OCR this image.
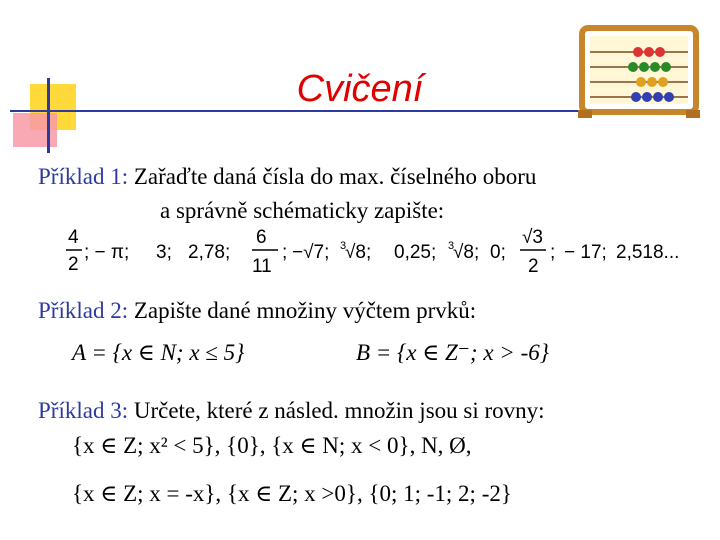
Cvičení
Příklad 1: Zařaďte daná čísla do max. číselného oboru
a správně schématicky zapište:
4
2
; − π; 3; 2,78;
6
11
; −√7; 3
√8; 0,25; 3
√8; 0;
√3
2
; − 17; 2,518...
Příklad 2: Zapište dané množiny výčtem prvků:
A = {x ∈ N; x ≤ 5}	B = {x ∈ Z⁻; x > -6}
Příklad 3: Určete, které z násled. množin jsou si rovny:
{x ∈ Z; x² < 5}, {0}, {x ∈ N; x < 0}, N, Ø,
{x ∈ Z; x = -x}, {x ∈ Z; x >0}, {0; 1; -1; 2; -2}
